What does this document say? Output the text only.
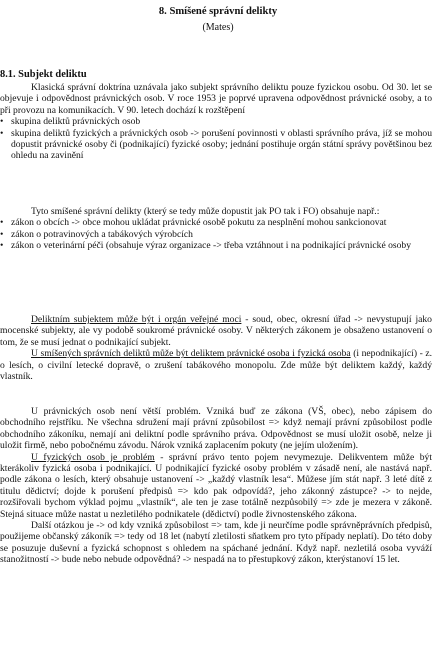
8. Smíšené správní delikty
(Mates)
8.1. Subjekt deliktu

Klasická správní doktrína uznávala jako subjekt správního deliktu pouze fyzickou osobu. Od 30. let se objevuje i odpovědnost právnických osob. V roce 1953 je poprvé upravena odpovědnost právnické osoby, a to při provozu na komunikacích. V 90. letech dochází k rozštěpení

• skupina deliktů právnických osob
• skupina deliktů fyzických a právnických osob -> porušení povinnosti v oblasti správního práva, jíž se mohou dopustit právnické osoby či (podnikající) fyzické osoby; jednání postihuje orgán státní správy povětšinou bez ohledu na zavinění

Tyto smíšené správní delikty (který se tedy může dopustit jak PO tak i FO) obsahuje např.:

• zákon o obcích -> obce mohou ukládat právnické osobě pokutu za nesplnění mohou sankcionovat
• zákon o potravinových a tabákových výrobcích
• zákon o veterinární péči (obsahuje výraz organizace -> třeba vztáhnout i na podnikající právnické osoby

Deliktním subjektem může být i orgán veřejné moci - soud, obec, okresní úřad -> nevystupují jako mocenské subjekty, ale vy podobě soukromé právnické osoby. V některých zákonem je obsaženo ustanovení o tom, že se musí jednat o podnikající subjekt.

U smíšených správních deliktů může být deliktem právnické osoba i fyzická osoba (i nepodnikající) - z. o lesích, o civilní letecké dopravě, o zrušení tabákového monopolu. Zde může být deliktem každý, každý vlastník.

U právnických osob není větší problém. Vzniká buď ze zákona (VŠ, obec), nebo zápisem do obchodního rejstříku. Ne všechna sdružení mají právní způsobilost => když nemají právní způsobilost podle obchodního zákoníku, nemají ani deliktní podle správního práva. Odpovědnost se musí uložit osobě, nelze ji uložit firmě, nebo pobočnému závodu. Nárok vzniká zaplacením pokuty (ne jejím uložením).

U fyzických osob je problém - správní právo tento pojem nevymezuje. Delikventem může být kterákoliv fyzická osoba i podnikající. U podnikající fyzické osoby problém v zásadě není, ale nastává např. podle zákona o lesích, který obsahuje ustanovení -> „každý vlastník lesa“. Můžese jím stát např. 3 leté dítě z titulu dědictví; dojde k porušení předpisů => kdo pak odpovídá?, jeho zákonný zástupce? -> to nejde, rozšiřovali bychom výklad pojmu „vlastník“, ale ten je zase totálně nezpůsobilý => zde je mezera v zákoně. Stejná situace může nastat u nezletilého podnikatele (dědictví) podle živnostenského zákona.

Další otázkou je -> od kdy vzniká způsobilost => tam, kde ji neurčíme podle správněprávních předpisů, použijeme občanský zákoník => tedy od 18 let (nabytí zletilosti sňatkem pro tyto případy neplatí). Do této doby se posuzuje duševní a fyzická schopnost s ohledem na spáchané jednání. Když např. nezletilá osoba vyváží stanožitností -> bude nebo nebude odpovědná? -> nespadá na to přestupkový zákon, kterýstanoví 15 let.
